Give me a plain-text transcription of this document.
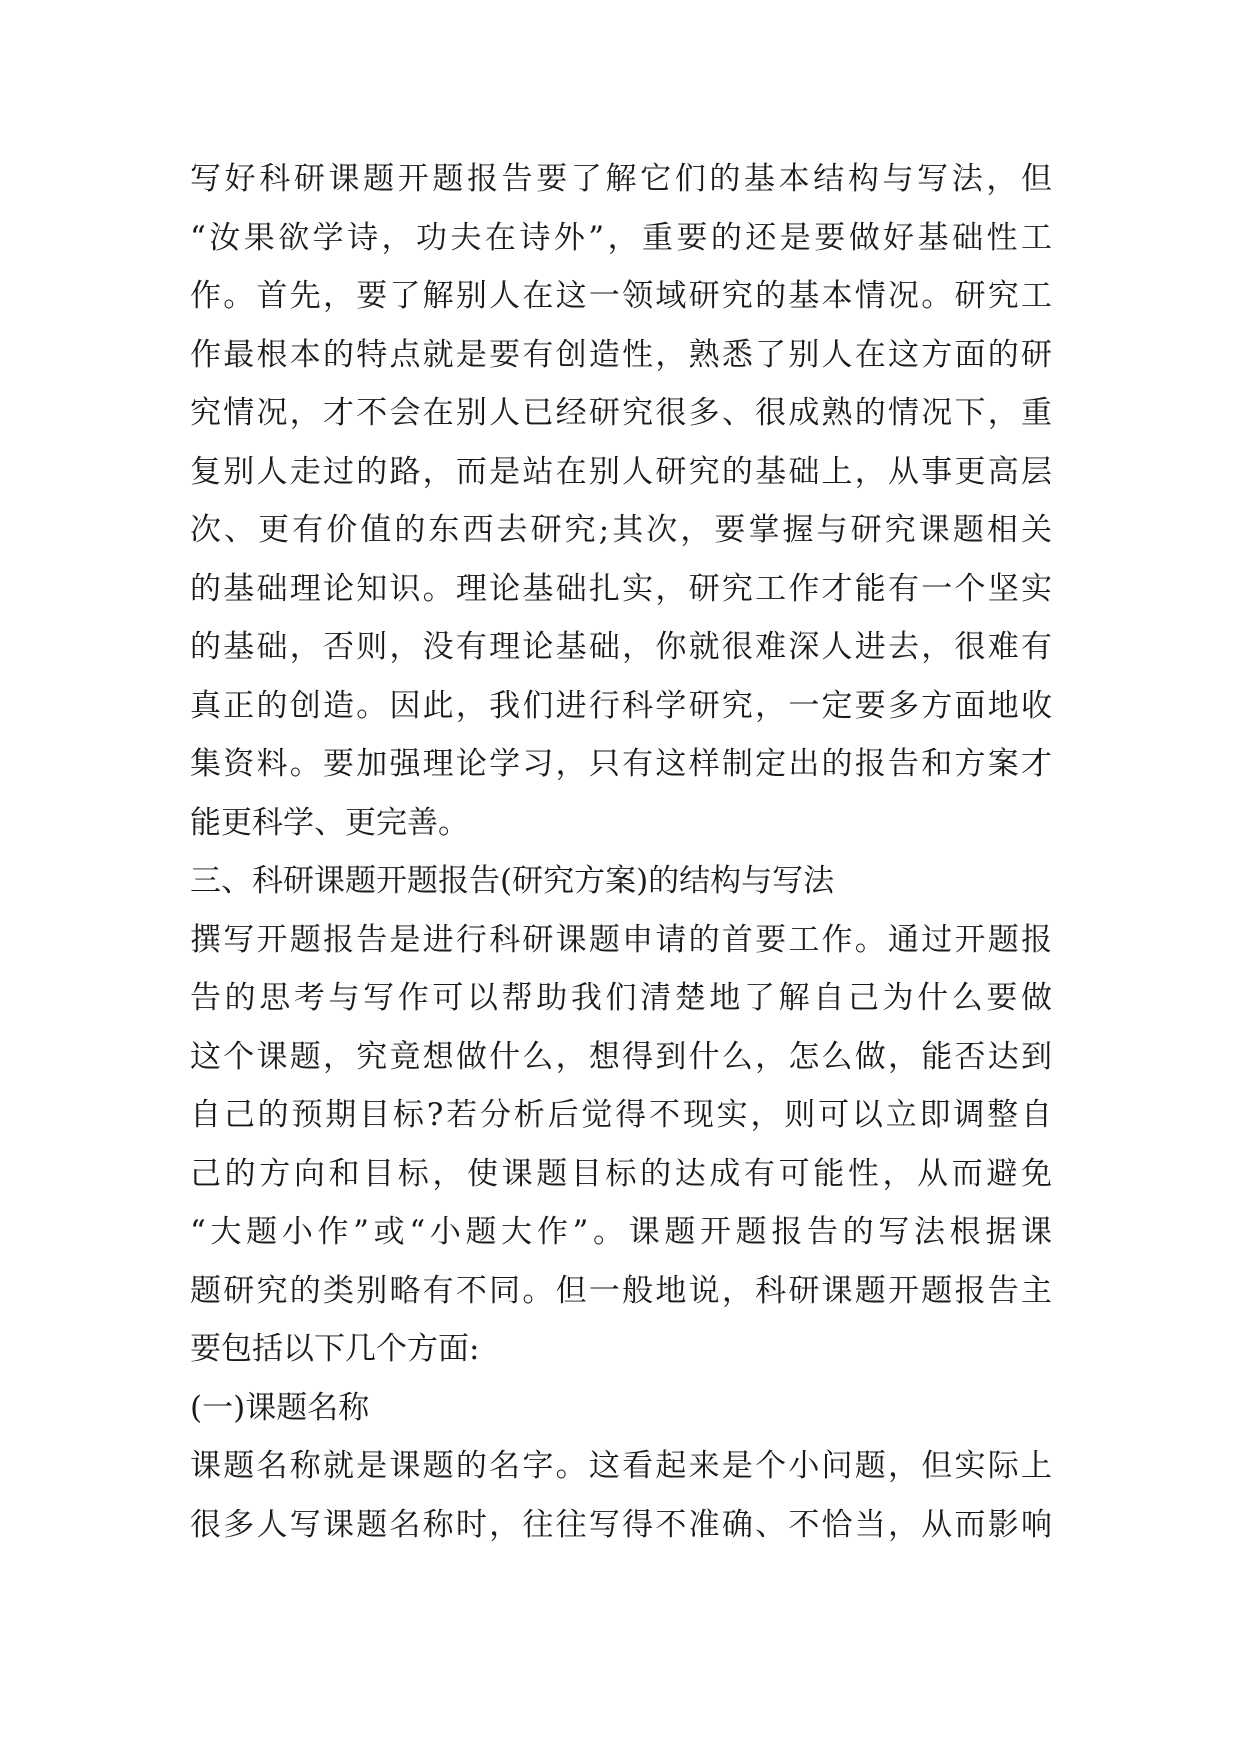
写好科研课题开题报告要了解它们的基本结构与写法，但
“汝果欲学诗，功夫在诗外”，重要的还是要做好基础性工
作。首先，要了解别人在这一领域研究的基本情况。研究工
作最根本的特点就是要有创造性，熟悉了别人在这方面的研
究情况，才不会在别人已经研究很多、很成熟的情况下，重
复别人走过的路，而是站在别人研究的基础上，从事更高层
次、更有价值的东西去研究;其次，要掌握与研究课题相关
的基础理论知识。理论基础扎实，研究工作才能有一个坚实
的基础，否则，没有理论基础，你就很难深人进去，很难有
真正的创造。因此，我们进行科学研究，一定要多方面地收
集资料。要加强理论学习，只有这样制定出的报告和方案才
能更科学、更完善。
三、科研课题开题报告(研究方案)的结构与写法
撰写开题报告是进行科研课题申请的首要工作。通过开题报
告的思考与写作可以帮助我们清楚地了解自己为什么要做
这个课题，究竟想做什么，想得到什么，怎么做，能否达到
自己的预期目标?若分析后觉得不现实，则可以立即调整自
己的方向和目标，使课题目标的达成有可能性，从而避免
“大题小作”或“小题大作”。课题开题报告的写法根据课
题研究的类别略有不同。但一般地说，科研课题开题报告主
要包括以下几个方面:
(一)课题名称
课题名称就是课题的名字。这看起来是个小问题，但实际上
很多人写课题名称时，往往写得不准确、不恰当，从而影响
